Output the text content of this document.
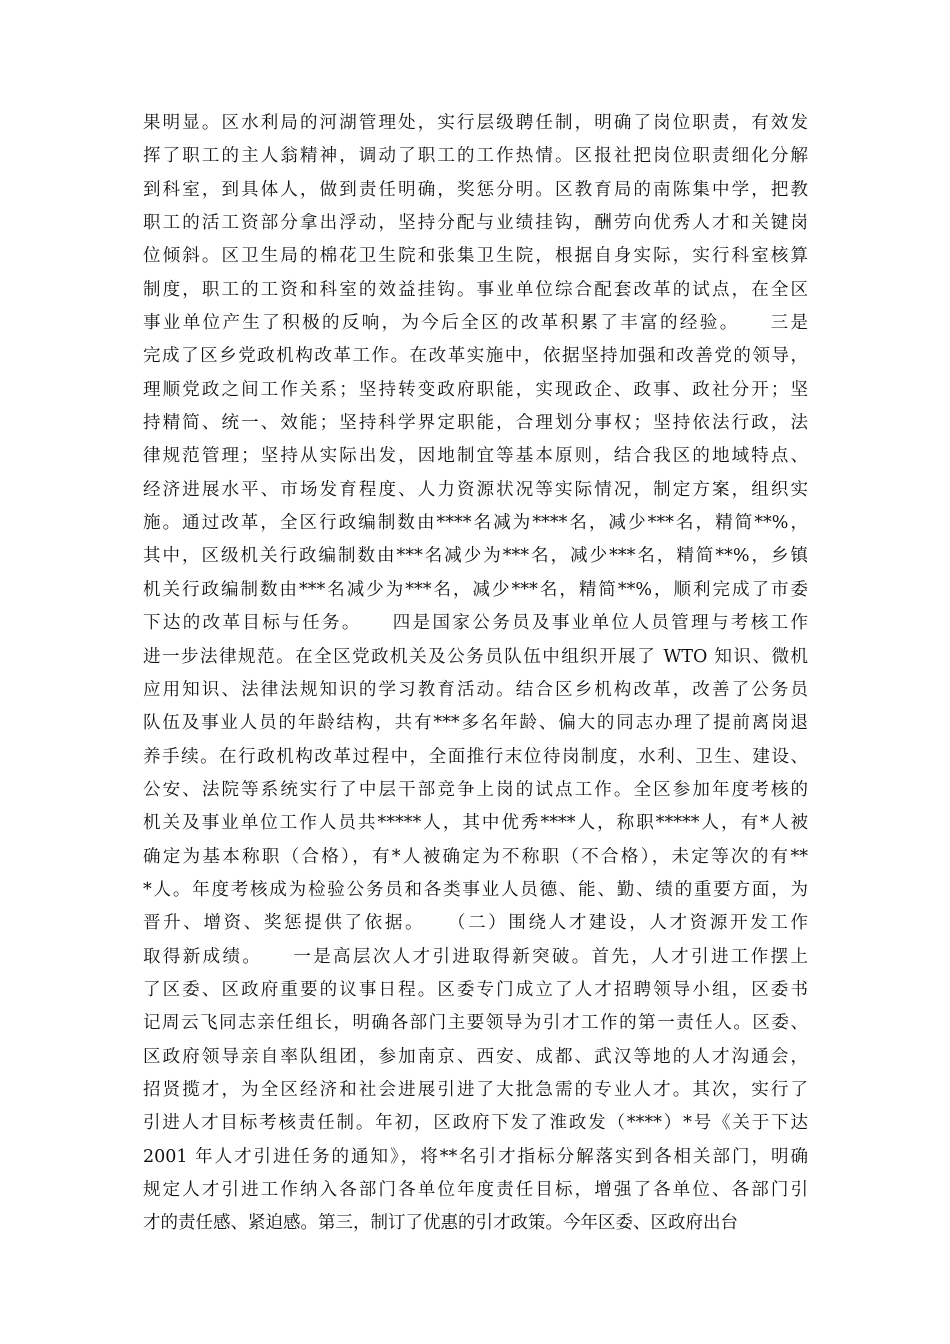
果明显。区水利局的河湖管理处，实行层级聘任制，明确了岗位职责，有效发
挥了职工的主人翁精神，调动了职工的工作热情。区报社把岗位职责细化分解
到科室，到具体人，做到责任明确，奖惩分明。区教育局的南陈集中学，把教
职工的活工资部分拿出浮动，坚持分配与业绩挂钩，酬劳向优秀人才和关键岗
位倾斜。区卫生局的棉花卫生院和张集卫生院，根据自身实际，实行科室核算
制度，职工的工资和科室的效益挂钩。事业单位综合配套改革的试点，在全区
事业单位产生了积极的反响，为今后全区的改革积累了丰富的经验。　　三是
完成了区乡党政机构改革工作。在改革实施中，依据坚持加强和改善党的领导，
理顺党政之间工作关系；坚持转变政府职能，实现政企、政事、政社分开；坚
持精简、统一、效能；坚持科学界定职能，合理划分事权；坚持依法行政，法
律规范管理；坚持从实际出发，因地制宜等基本原则，结合我区的地域特点、
经济进展水平、市场发育程度、人力资源状况等实际情况，制定方案，组织实
施。通过改革，全区行政编制数由****名减为****名，减少***名，精简**%，
其中，区级机关行政编制数由***名减少为***名，减少***名，精简**%，乡镇
机关行政编制数由***名减少为***名，减少***名，精简**%，顺利完成了市委
下达的改革目标与任务。　　四是国家公务员及事业单位人员管理与考核工作
进一步法律规范。在全区党政机关及公务员队伍中组织开展了 WTO 知识、微机
应用知识、法律法规知识的学习教育活动。结合区乡机构改革，改善了公务员
队伍及事业人员的年龄结构，共有***多名年龄、偏大的同志办理了提前离岗退
养手续。在行政机构改革过程中，全面推行末位待岗制度，水利、卫生、建设、
公安、法院等系统实行了中层干部竞争上岗的试点工作。全区参加年度考核的
机关及事业单位工作人员共*****人，其中优秀****人，称职*****人，有*人被
确定为基本称职（合格），有*人被确定为不称职（不合格），未定等次的有**
*人。年度考核成为检验公务员和各类事业人员德、能、勤、绩的重要方面，为
晋升、增资、奖惩提供了依据。　　（二）围绕人才建设，人才资源开发工作
取得新成绩。　　一是高层次人才引进取得新突破。首先，人才引进工作摆上
了区委、区政府重要的议事日程。区委专门成立了人才招聘领导小组，区委书
记周云飞同志亲任组长，明确各部门主要领导为引才工作的第一责任人。区委、
区政府领导亲自率队组团，参加南京、西安、成都、武汉等地的人才沟通会，
招贤揽才，为全区经济和社会进展引进了大批急需的专业人才。其次，实行了
引进人才目标考核责任制。年初，区政府下发了淮政发（****）*号《关于下达
2001 年人才引进任务的通知》，将**名引才指标分解落实到各相关部门，明确
规定人才引进工作纳入各部门各单位年度责任目标，增强了各单位、各部门引
才的责任感、紧迫感。第三，制订了优惠的引才政策。今年区委、区政府出台
